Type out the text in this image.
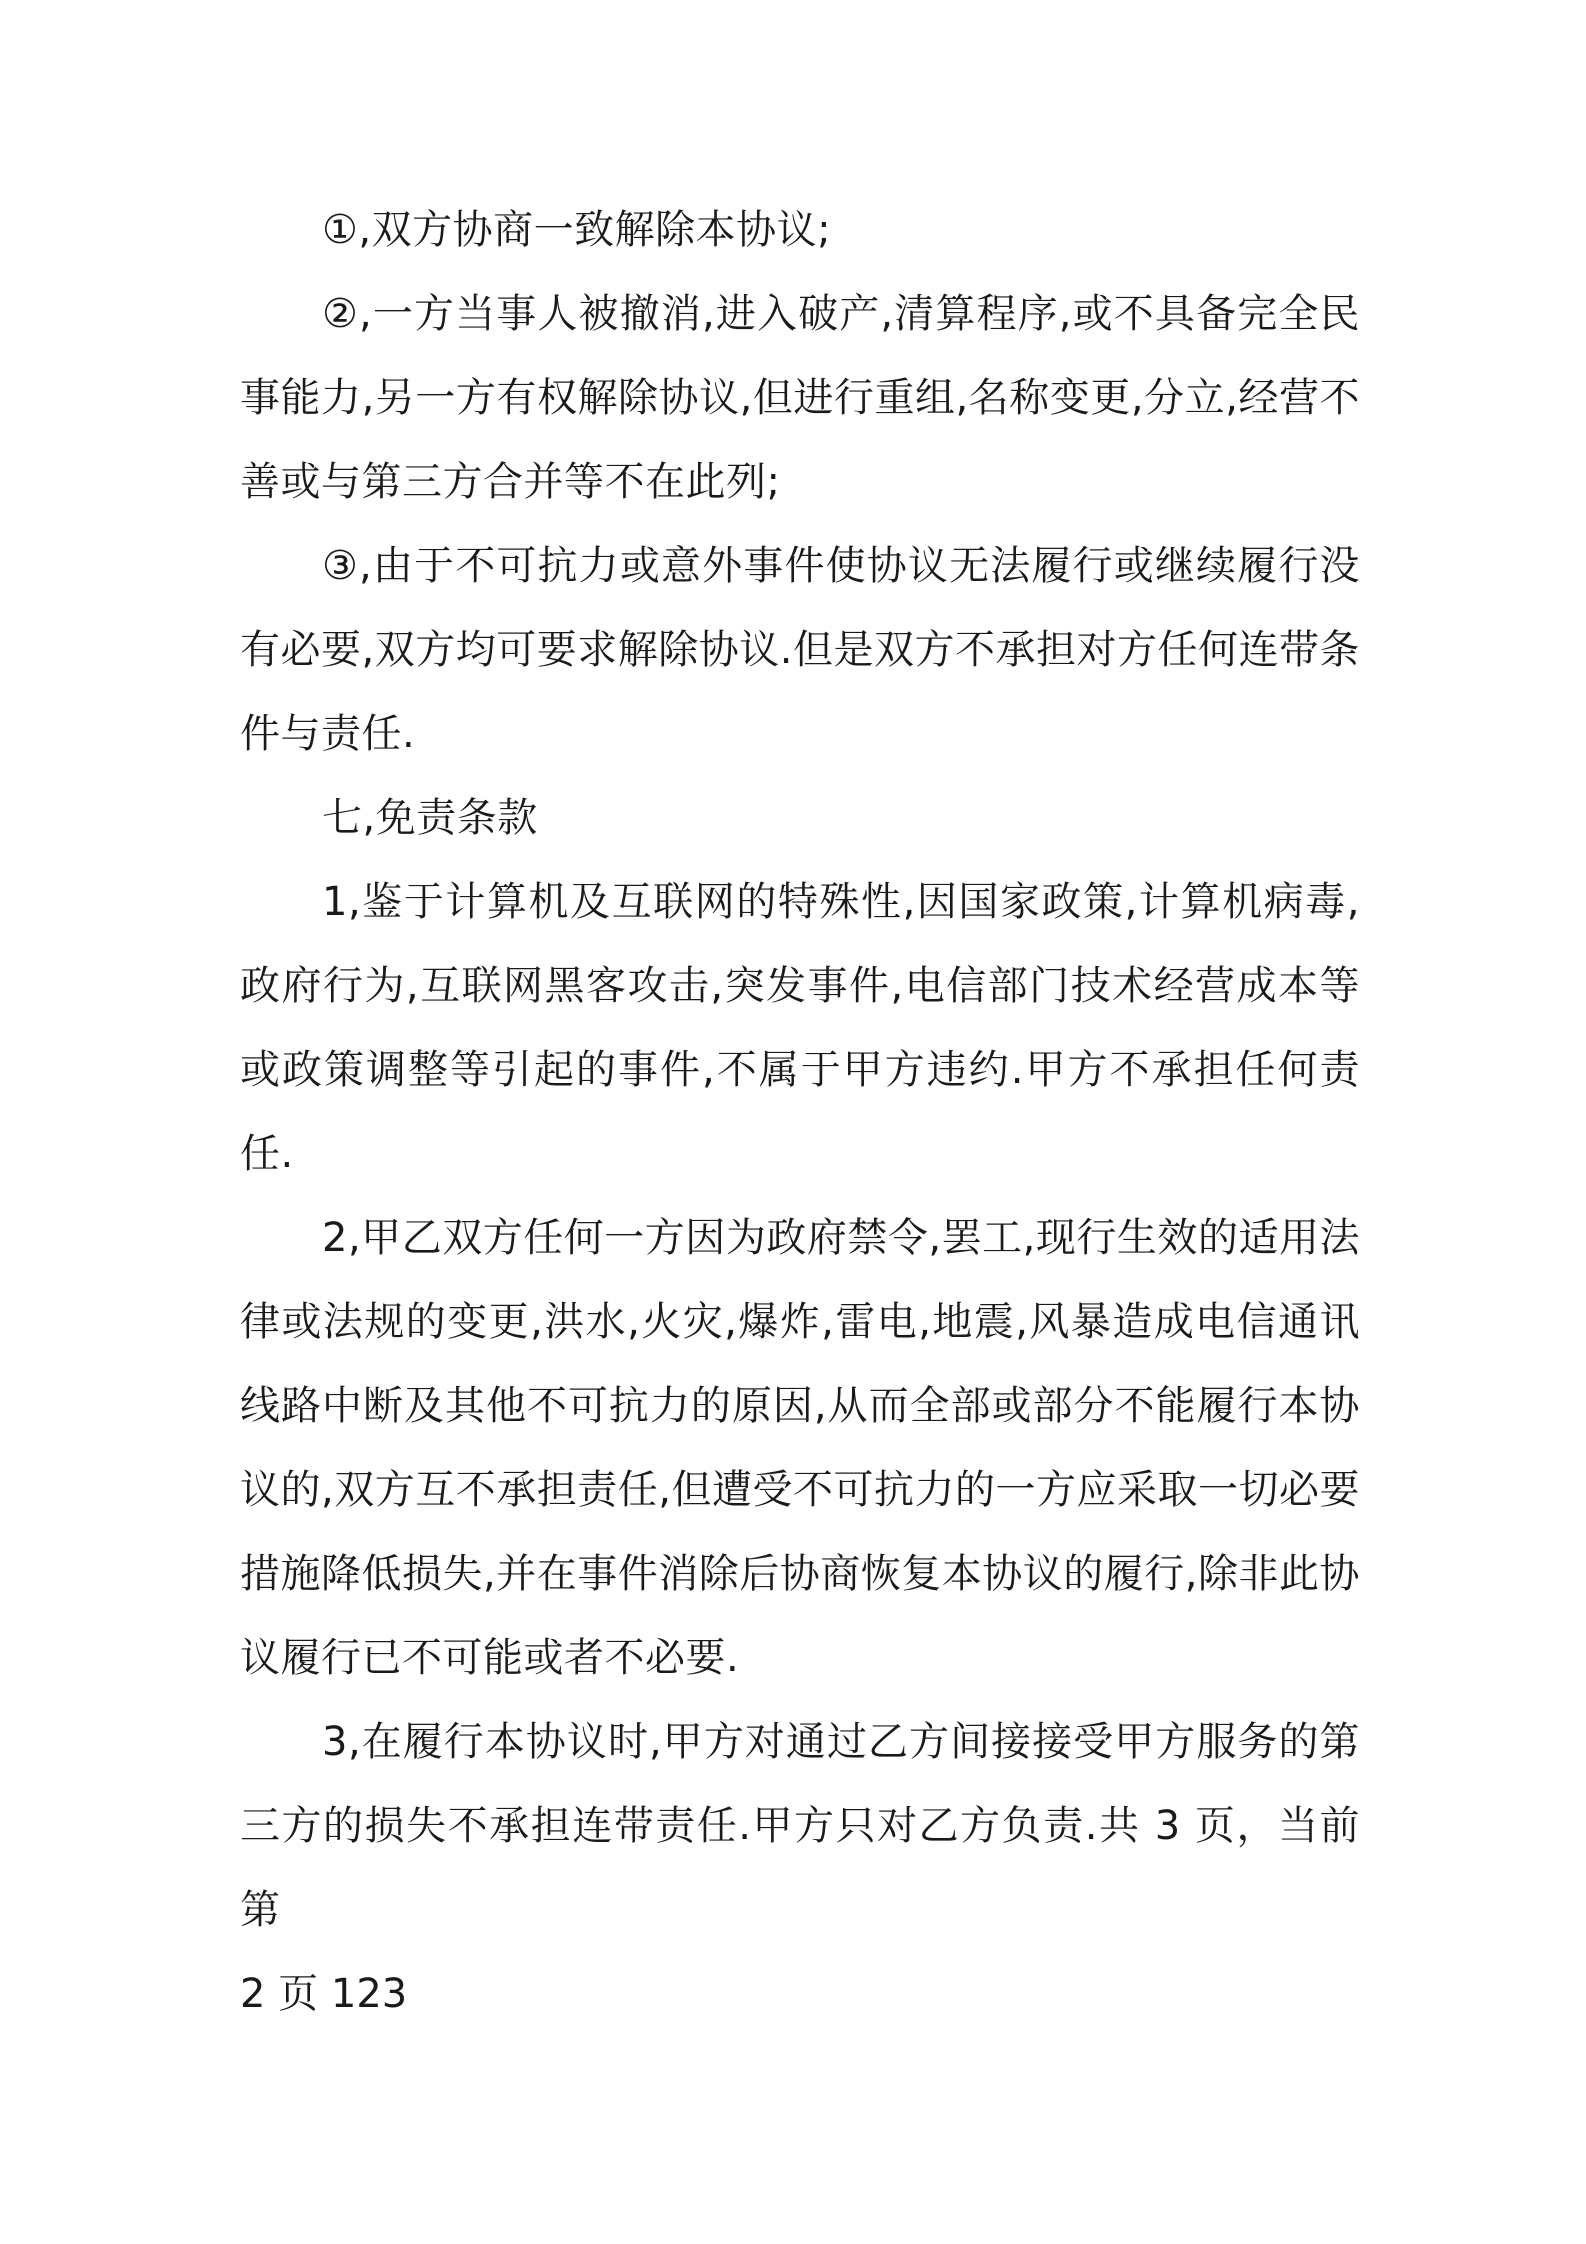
①,双方协商一致解除本协议;

②,一方当事人被撤消,进入破产,清算程序,或不具备完全民事能力,另一方有权解除协议,但进行重组,名称变更,分立,经营不善或与第三方合并等不在此列;

③,由于不可抗力或意外事件使协议无法履行或继续履行没有必要,双方均可要求解除协议.但是双方不承担对方任何连带条件与责任.

七,免责条款

1,鉴于计算机及互联网的特殊性,因国家政策,计算机病毒,政府行为,互联网黑客攻击,突发事件,电信部门技术经营成本等或政策调整等引起的事件,不属于甲方违约.甲方不承担任何责任.

2,甲乙双方任何一方因为政府禁令,罢工,现行生效的适用法律或法规的变更,洪水,火灾,爆炸,雷电,地震,风暴造成电信通讯线路中断及其他不可抗力的原因,从而全部或部分不能履行本协议的,双方互不承担责任,但遭受不可抗力的一方应采取一切必要措施降低损失,并在事件消除后协商恢复本协议的履行,除非此协议履行已不可能或者不必要.

3,在履行本协议时,甲方对通过乙方间接接受甲方服务的第三方的损失不承担连带责任.甲方只对乙方负责.共 3 页，当前第

2 页 123
